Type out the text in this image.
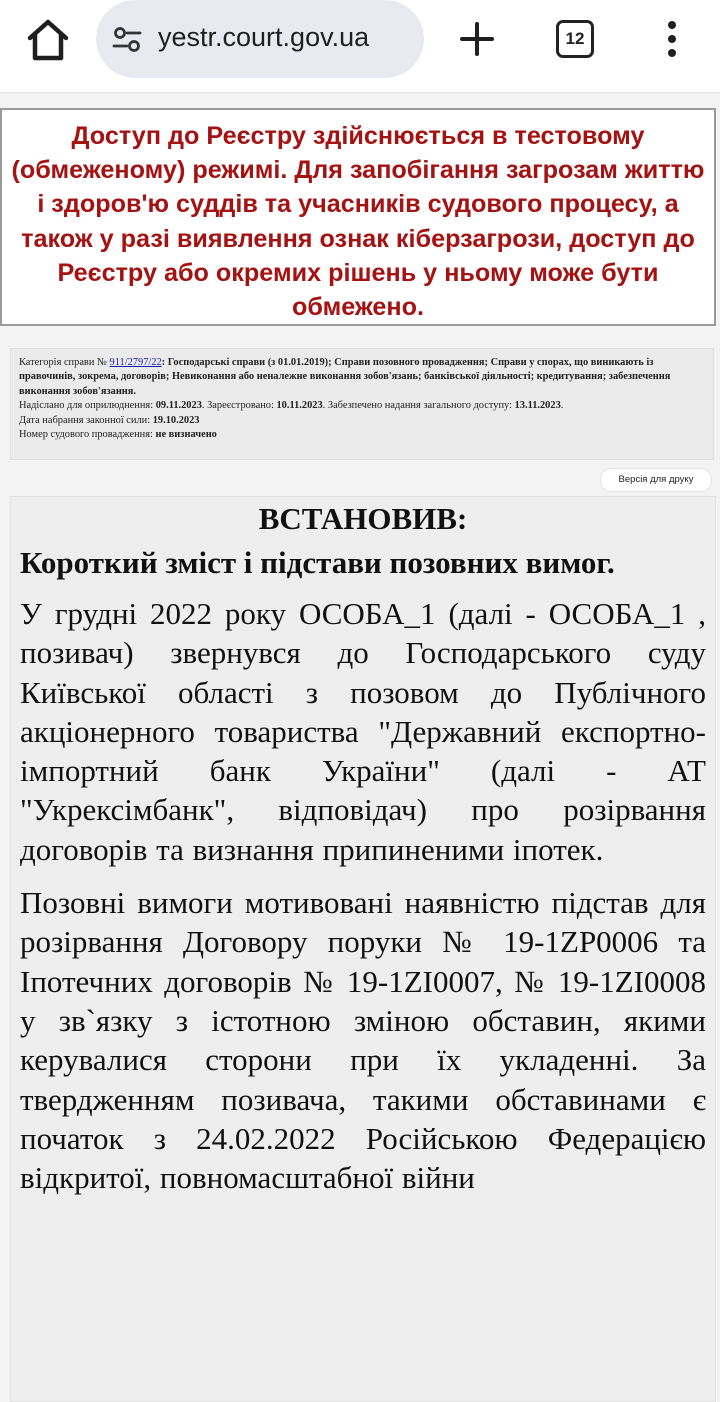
yestr.court.gov.ua	12

Доступ до Реєстру здійснюється в тестовому (обмеженому) режимі. Для запобігання загрозам життю і здоров'ю суддів та учасників судового процесу, а також у разі виявлення ознак кіберзагрози, доступ до Реєстру або окремих рішень у ньому може бути обмежено.

Категорія справи № 911/2797/22: Господарські справи (з 01.01.2019); Справи позовного провадження; Справи у спорах, що виникають із правочинів, зокрема, договорів; Невиконання або неналежне виконання зобов'язань; банківської діяльності; кредитування; забезпечення виконання зобов'язання.

Надіслано для оприлюднення: 09.11.2023. Зареєстровано: 10.11.2023. Забезпечено надання загального доступу: 13.11.2023.

Дата набрання законної сили: 19.10.2023

Номер судового провадження: не визначено

Версія для друку

ВСТАНОВИВ:

Короткий зміст і підстави позовних вимог.

У грудні 2022 року ОСОБА_1 (далі - ОСОБА_1 , позивач) звернувся до Господарського суду Київської області з позовом до Публічного акціонерного товариства "Державний експортно-імпортний банк України" (далі - АТ "Укрексімбанк", відповідач) про розірвання договорів та визнання припиненими іпотек.

Позовні вимоги мотивовані наявністю підстав для розірвання Договору поруки № 19-1ZP0006 та Іпотечних договорів № 19-1ZI0007, № 19-1ZI0008 у зв`язку з істотною зміною обставин, якими керувалися сторони при їх укладенні. За твердженням позивача, такими обставинами є початок з 24.02.2022 Російською Федерацією відкритої, повномасштабної війни
